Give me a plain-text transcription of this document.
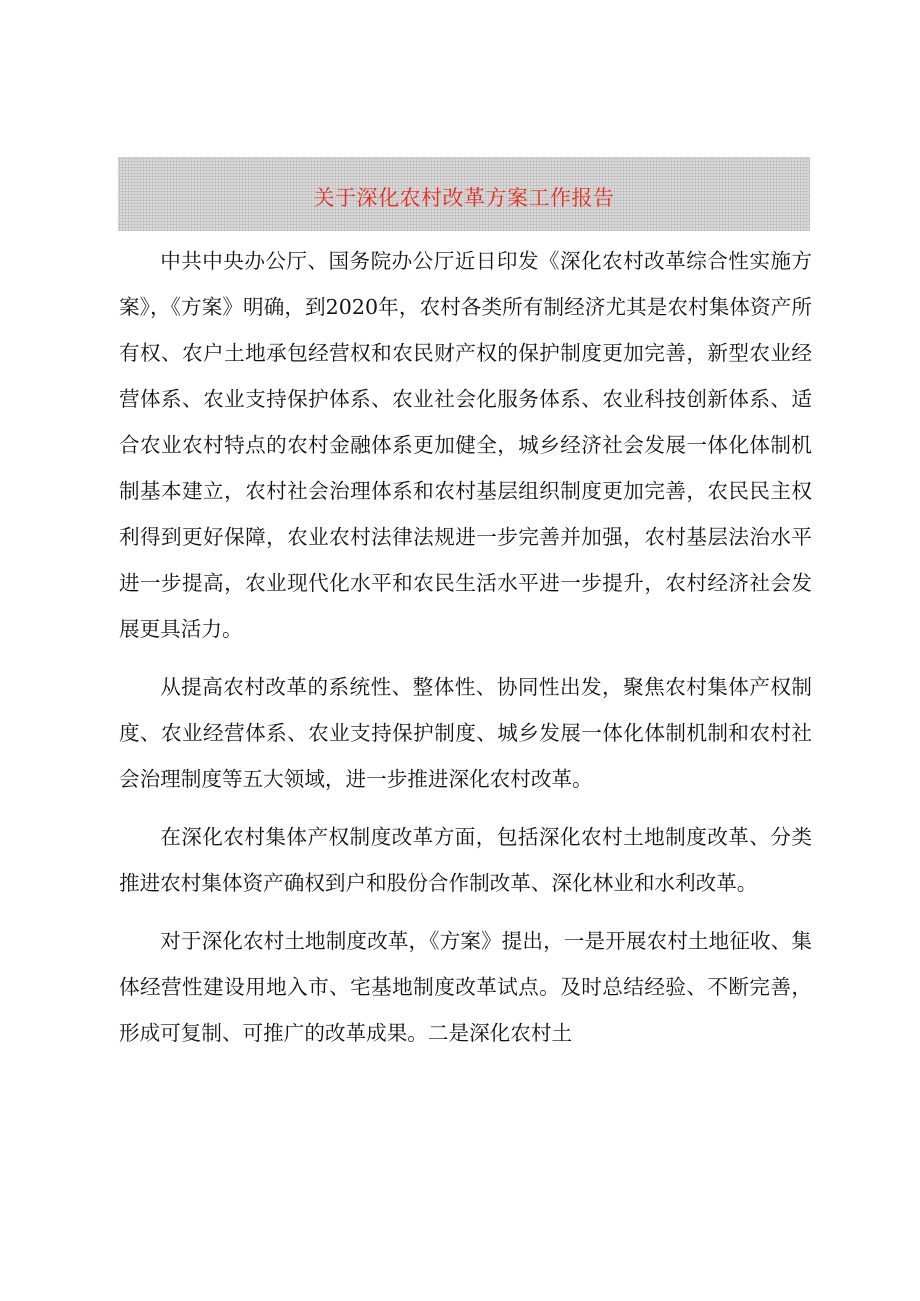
关于深化农村改革方案工作报告

中共中央办公厅、国务院办公厅近日印发《深化农村改革综合性实施方案》，《方案》明确，到2020年，农村各类所有制经济尤其是农村集体资产所有权、农户土地承包经营权和农民财产权的保护制度更加完善，新型农业经营体系、农业支持保护体系、农业社会化服务体系、农业科技创新体系、适合农业农村特点的农村金融体系更加健全，城乡经济社会发展一体化体制机制基本建立，农村社会治理体系和农村基层组织制度更加完善，农民民主权利得到更好保障，农业农村法律法规进一步完善并加强，农村基层法治水平进一步提高，农业现代化水平和农民生活水平进一步提升，农村经济社会发展更具活力。

从提高农村改革的系统性、整体性、协同性出发，聚焦农村集体产权制度、农业经营体系、农业支持保护制度、城乡发展一体化体制机制和农村社会治理制度等五大领域，进一步推进深化农村改革。

在深化农村集体产权制度改革方面，包括深化农村土地制度改革、分类推进农村集体资产确权到户和股份合作制改革、深化林业和水利改革。

对于深化农村土地制度改革，《方案》提出，一是开展农村土地征收、集体经营性建设用地入市、宅基地制度改革试点。及时总结经验、不断完善，形成可复制、可推广的改革成果。二是深化农村土
